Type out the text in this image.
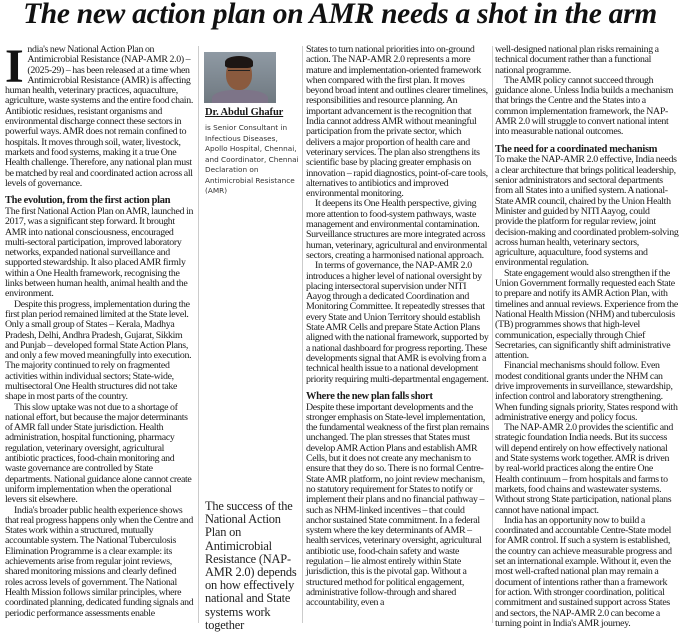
The new action plan on AMR needs a shot in the arm

India's new National Action Plan on Antimicrobial Resistance (NAP-AMR 2.0) – (2025-29) – has been released at a time when Antimicrobial Resistance (AMR) is affecting human health, veterinary practices, aquaculture, agriculture, waste systems and the entire food chain. Antibiotic residues, resistant organisms and environmental discharge connect these sectors in powerful ways. AMR does not remain confined to hospitals. It moves through soil, water, livestock, markets and food systems, making it a true One Health challenge. Therefore, any national plan must be matched by real and coordinated action across all levels of governance.

The evolution, from the first action plan

The first National Action Plan on AMR, launched in 2017, was a significant step forward. It brought AMR into national consciousness, encouraged multi-sectoral participation, improved laboratory networks, expanded national surveillance and supported stewardship. It also placed AMR firmly within a One Health framework, recognising the links between human health, animal health and the environment.

Despite this progress, implementation during the first plan period remained limited at the State level. Only a small group of States – Kerala, Madhya Pradesh, Delhi, Andhra Pradesh, Gujarat, Sikkim and Punjab – developed formal State Action Plans, and only a few moved meaningfully into execution. The majority continued to rely on fragmented activities within individual sectors; State-wide, multisectoral One Health structures did not take shape in most parts of the country.

This slow uptake was not due to a shortage of national effort, but because the major determinants of AMR fall under State jurisdiction. Health administration, hospital functioning, pharmacy regulation, veterinary oversight, agricultural antibiotic practices, food-chain monitoring and waste governance are controlled by State departments. National guidance alone cannot create uniform implementation when the operational levers sit elsewhere.

India's broader public health experience shows that real progress happens only when the Centre and States work within a structured, mutually accountable system. The National Tuberculosis Elimination Programme is a clear example: its achievements arise from regular joint reviews, shared monitoring missions and clearly defined roles across levels of government. The National Health Mission follows similar principles, where coordinated planning, dedicated funding signals and periodic performance assessments enable

Dr. Abdul Ghafur
is Senior Consultant in Infectious Diseases, Apollo Hospital, Chennai, and Coordinator, Chennai Declaration on Antimicrobial Resistance (AMR)
The success of the National Action Plan on Antimicrobial Resistance (NAP-AMR 2.0) depends on how effectively national and State systems work together

States to turn national priorities into on-ground action. The NAP-AMR 2.0 represents a more mature and implementation-oriented framework when compared with the first plan. It moves beyond broad intent and outlines clearer timelines, responsibilities and resource planning. An important advancement is the recognition that India cannot address AMR without meaningful participation from the private sector, which delivers a major proportion of health care and veterinary services. The plan also strengthens its scientific base by placing greater emphasis on innovation – rapid diagnostics, point-of-care tools, alternatives to antibiotics and improved environmental monitoring.

It deepens its One Health perspective, giving more attention to food-system pathways, waste management and environmental contamination. Surveillance structures are more integrated across human, veterinary, agricultural and environmental sectors, creating a harmonised national approach.

In terms of governance, the NAP-AMR 2.0 introduces a higher level of national oversight by placing intersectoral supervision under NITI Aayog through a dedicated Coordination and Monitoring Committee. It repeatedly stresses that every State and Union Territory should establish State AMR Cells and prepare State Action Plans aligned with the national framework, supported by a national dashboard for progress reporting. These developments signal that AMR is evolving from a technical health issue to a national development priority requiring multi-departmental engagement.

Where the new plan falls short

Despite these important developments and the stronger emphasis on State-level implementation, the fundamental weakness of the first plan remains unchanged. The plan stresses that States must develop AMR Action Plans and establish AMR Cells, but it does not create any mechanism to ensure that they do so. There is no formal Centre-State AMR platform, no joint review mechanism, no statutory requirement for States to notify or implement their plans and no financial pathway – such as NHM-linked incentives – that could anchor sustained State commitment. In a federal system where the key determinants of AMR – health services, veterinary oversight, agricultural antibiotic use, food-chain safety and waste regulation – lie almost entirely within State jurisdiction, this is the pivotal gap. Without a structured method for political engagement, administrative follow-through and shared accountability, even a

well-designed national plan risks remaining a technical document rather than a functional national programme.

The AMR policy cannot succeed through guidance alone. Unless India builds a mechanism that brings the Centre and the States into a common implementation framework, the NAP-AMR 2.0 will struggle to convert national intent into measurable national outcomes.

The need for a coordinated mechanism

To make the NAP-AMR 2.0 effective, India needs a clear architecture that brings political leadership, senior administrators and sectoral departments from all States into a unified system. A national-State AMR council, chaired by the Union Health Minister and guided by NITI Aayog, could provide the platform for regular review, joint decision-making and coordinated problem-solving across human health, veterinary sectors, agriculture, aquaculture, food systems and environmental regulation.

State engagement would also strengthen if the Union Government formally requested each State to prepare and notify its AMR Action Plan, with timelines and annual reviews. Experience from the National Health Mission (NHM) and tuberculosis (TB) programmes shows that high-level communication, especially through Chief Secretaries, can significantly shift administrative attention.

Financial mechanisms should follow. Even modest conditional grants under the NHM can drive improvements in surveillance, stewardship, infection control and laboratory strengthening. When funding signals priority, States respond with administrative energy and policy focus.

The NAP-AMR 2.0 provides the scientific and strategic foundation India needs. But its success will depend entirely on how effectively national and State systems work together. AMR is driven by real-world practices along the entire One Health continuum – from hospitals and farms to markets, food chains and wastewater systems. Without strong State participation, national plans cannot have national impact.

India has an opportunity now to build a coordinated and accountable Centre-State model for AMR control. If such a system is established, the country can achieve measurable progress and set an international example. Without it, even the most well-crafted national plan may remain a document of intentions rather than a framework for action. With stronger coordination, political commitment and sustained support across States and sectors, the NAP-AMR 2.0 can become a turning point in India's AMR journey.
